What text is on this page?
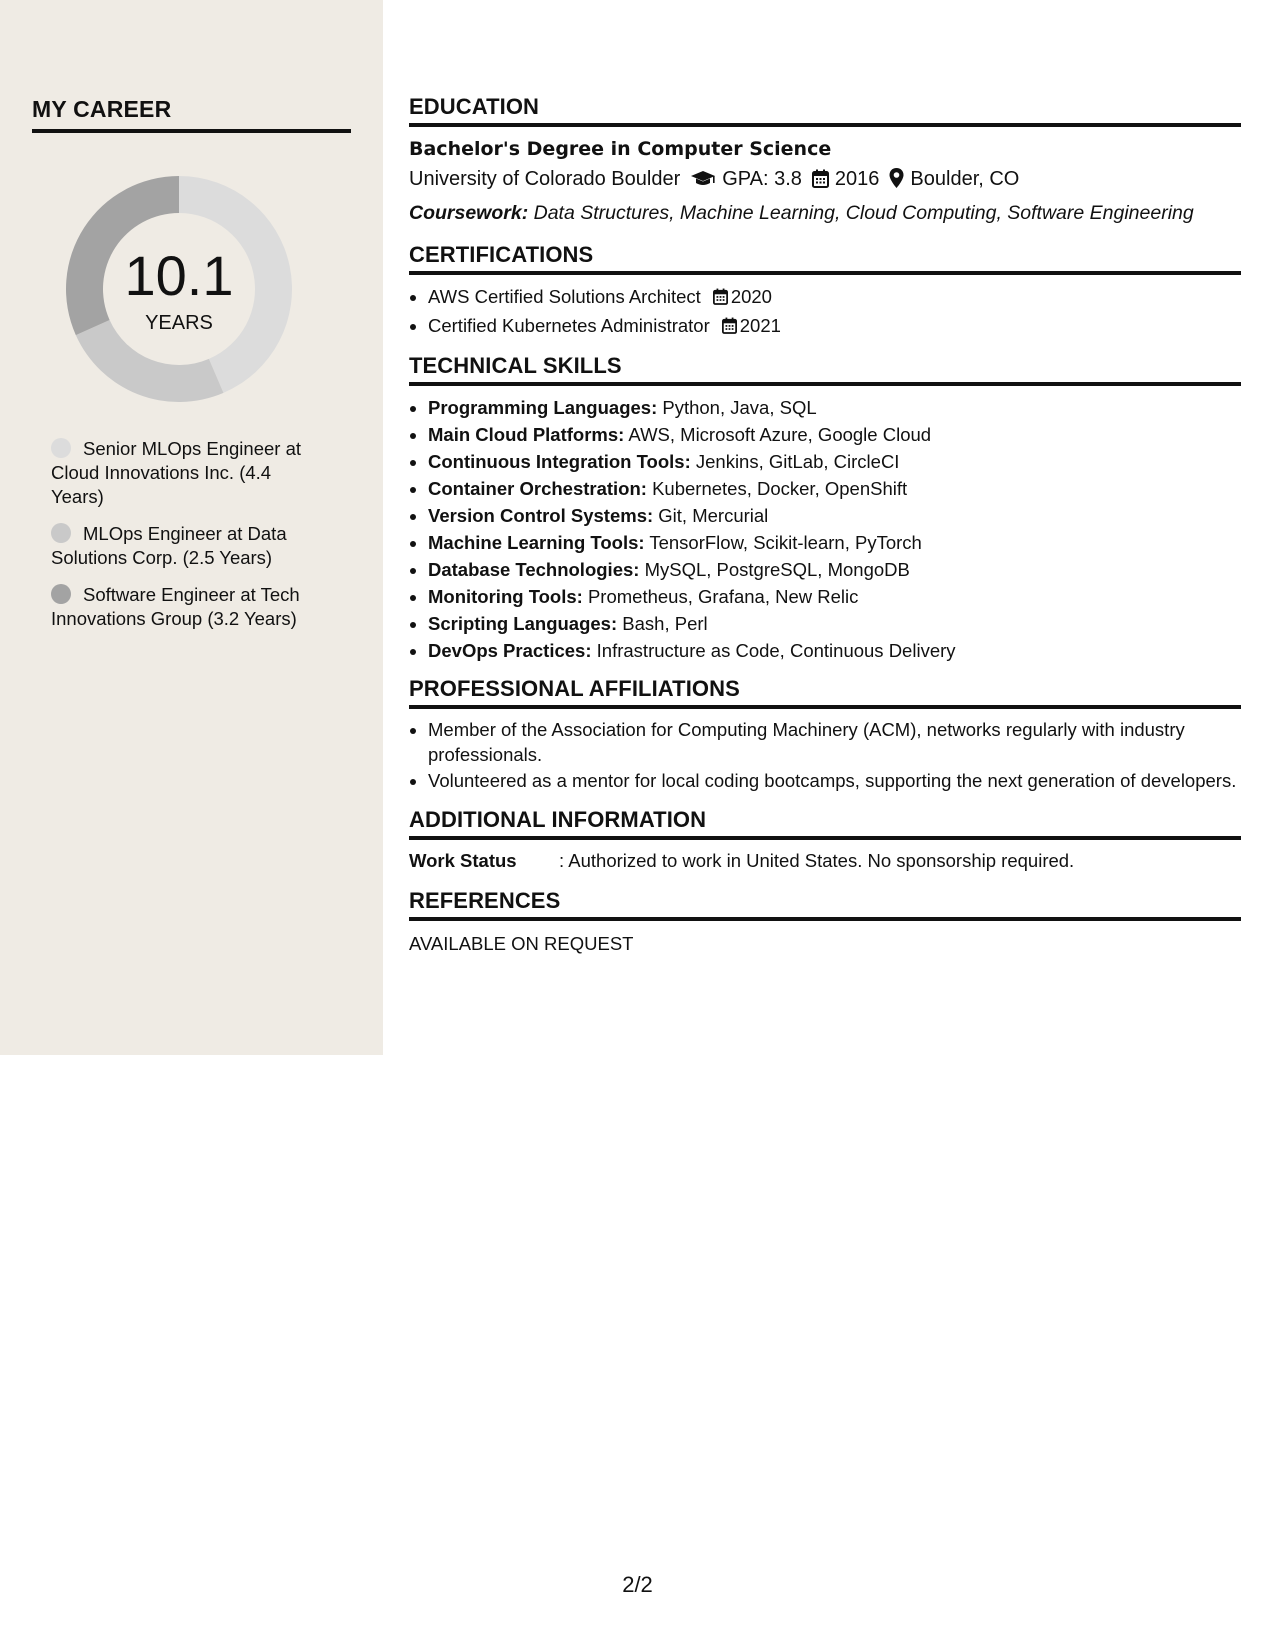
MY CAREER
10.1
YEARS
Senior MLOps Engineer at Cloud Innovations Inc. (4.4 Years)
MLOps Engineer at Data Solutions Corp. (2.5 Years)
Software Engineer at Tech Innovations Group (3.2 Years)
EDUCATION
Bachelor's Degree in Computer Science
University of Colorado Boulder GPA: 3.8 2016 Boulder, CO
Coursework: Data Structures, Machine Learning, Cloud Computing, Software Engineering
CERTIFICATIONS
• AWS Certified Solutions Architect 2020
• Certified Kubernetes Administrator 2021
TECHNICAL SKILLS
• Programming Languages: Python, Java, SQL
• Main Cloud Platforms: AWS, Microsoft Azure, Google Cloud
• Continuous Integration Tools: Jenkins, GitLab, CircleCI
• Container Orchestration: Kubernetes, Docker, OpenShift
• Version Control Systems: Git, Mercurial
• Machine Learning Tools: TensorFlow, Scikit-learn, PyTorch
• Database Technologies: MySQL, PostgreSQL, MongoDB
• Monitoring Tools: Prometheus, Grafana, New Relic
• Scripting Languages: Bash, Perl
• DevOps Practices: Infrastructure as Code, Continuous Delivery
PROFESSIONAL AFFILIATIONS
• Member of the Association for Computing Machinery (ACM), networks regularly with industry professionals.
• Volunteered as a mentor for local coding bootcamps, supporting the next generation of developers.
ADDITIONAL INFORMATION
Work Status : Authorized to work in United States. No sponsorship required.
REFERENCES
AVAILABLE ON REQUEST
2/2
